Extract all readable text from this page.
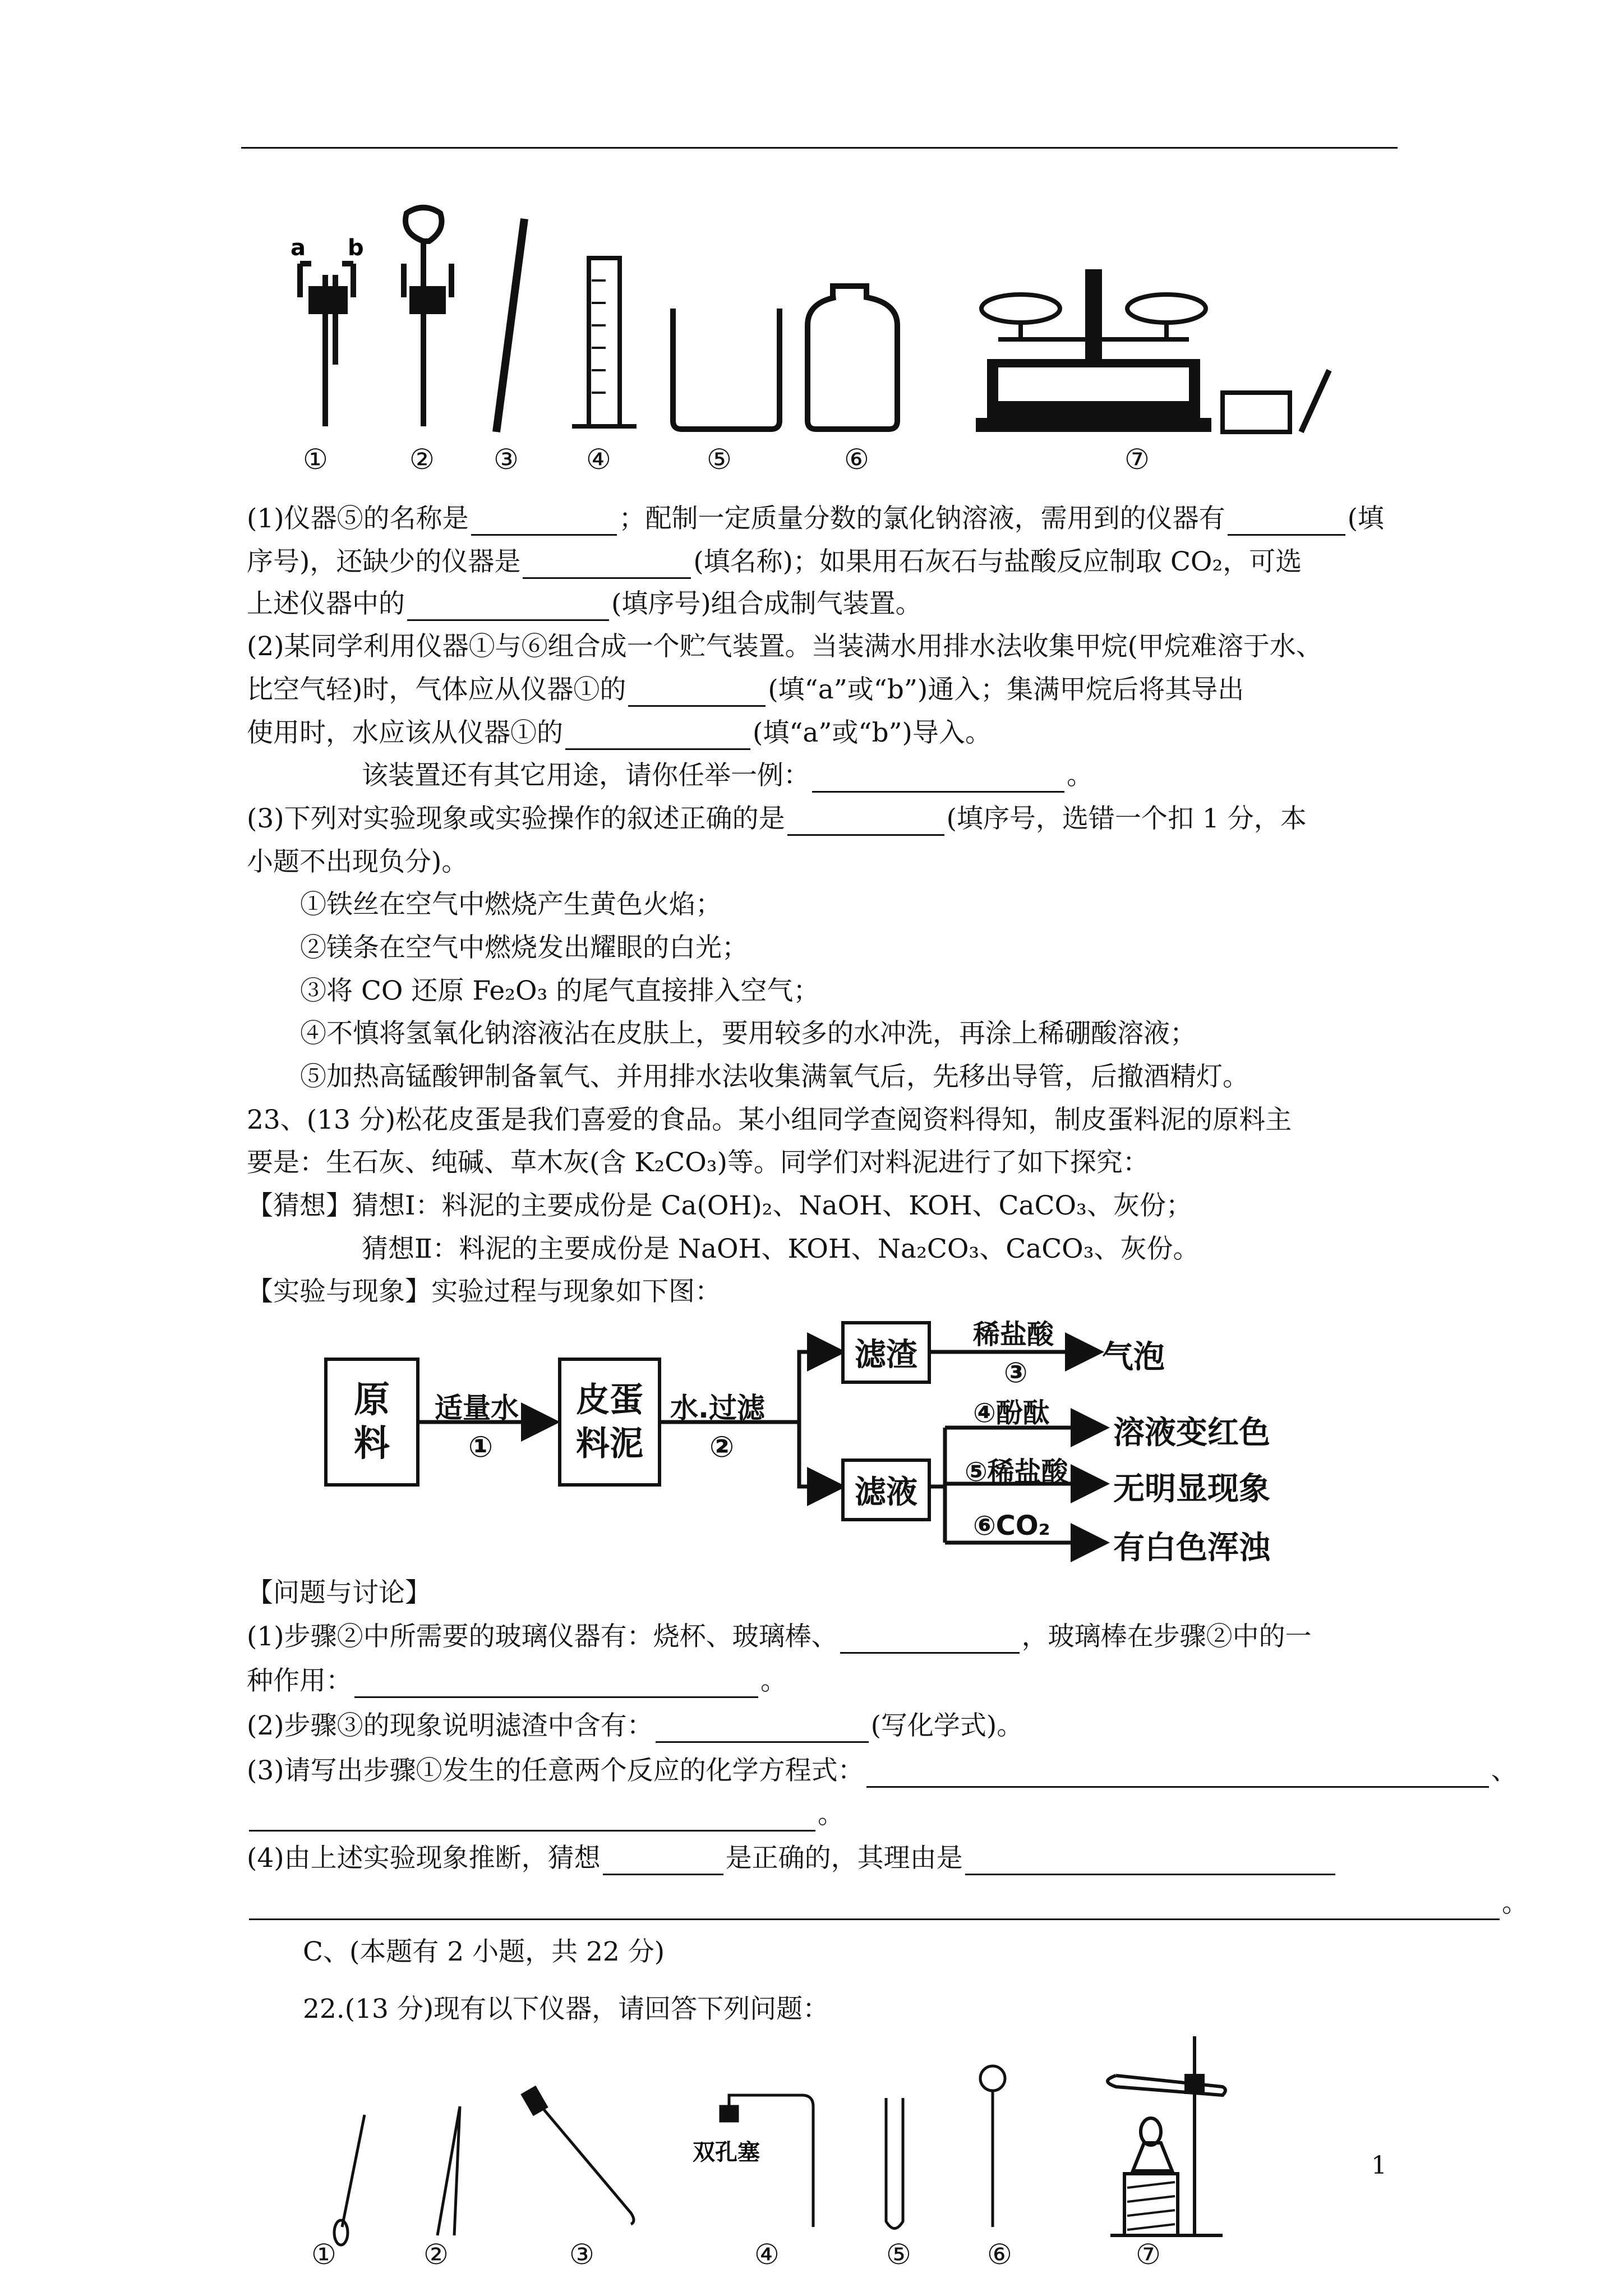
a b
①	② ③ ④	⑤	⑥	⑦
(1)仪器⑤的名称是	；配制一定质量分数的氯化钠溶液，需用到的仪器有	(填
序号)，还缺少的仪器是	(填名称)；如果用石灰石与盐酸反应制取 CO₂，可选
上述仪器中的	(填序号)组合成制气装置。
(2)某同学利用仪器①与⑥组合成一个贮气装置。当装满水用排水法收集甲烷(甲烷难溶于水、
比空气轻)时，气体应从仪器①的	(填“a”或“b”)通入；集满甲烷后将其导出
使用时，水应该从仪器①的	(填“a”或“b”)导入。
该装置还有其它用途，请你任举一例：	。
(3)下列对实验现象或实验操作的叙述正确的是	(填序号，选错一个扣 1 分，本
小题不出现负分)。
①铁丝在空气中燃烧产生黄色火焰；
②镁条在空气中燃烧发出耀眼的白光；
③将 CO 还原 Fe₂O₃ 的尾气直接排入空气；
④不慎将氢氧化钠溶液沾在皮肤上，要用较多的水冲洗，再涂上稀硼酸溶液；
⑤加热高锰酸钾制备氧气、并用排水法收集满氧气后，先移出导管，后撤酒精灯。
23、(13 分)松花皮蛋是我们喜爱的食品。某小组同学查阅资料得知，制皮蛋料泥的原料主
要是：生石灰、纯碱、草木灰(含 K₂CO₃)等。同学们对料泥进行了如下探究：
【猜想】猜想Ⅰ：料泥的主要成份是 Ca(OH)₂、NaOH、KOH、CaCO₃、灰份；
猜想Ⅱ：料泥的主要成份是 NaOH、KOH、Na₂CO₃、CaCO₃、灰份。
【实验与现象】实验过程与现象如下图：
原料
皮蛋料泥
滤渣
滤液
适量水
①
水.过滤
②
稀盐酸
③ 气泡
④酚酞
溶液变红色
⑤稀盐酸 无明显现象
⑥CO₂
有白色浑浊
【问题与讨论】
(1)步骤②中所需要的玻璃仪器有：烧杯、玻璃棒、	，玻璃棒在步骤②中的一
种作用：	。
(2)步骤③的现象说明滤渣中含有：	(写化学式)。
(3)请写出步骤①发生的任意两个反应的化学方程式：	、
。
(4)由上述实验现象推断，猜想	是正确的，其理由是
。
C、(本题有 2 小题，共 22 分)
22.(13 分)现有以下仪器，请回答下列问题：
双孔塞
①	②	③	④	⑤	⑥	⑦
1
